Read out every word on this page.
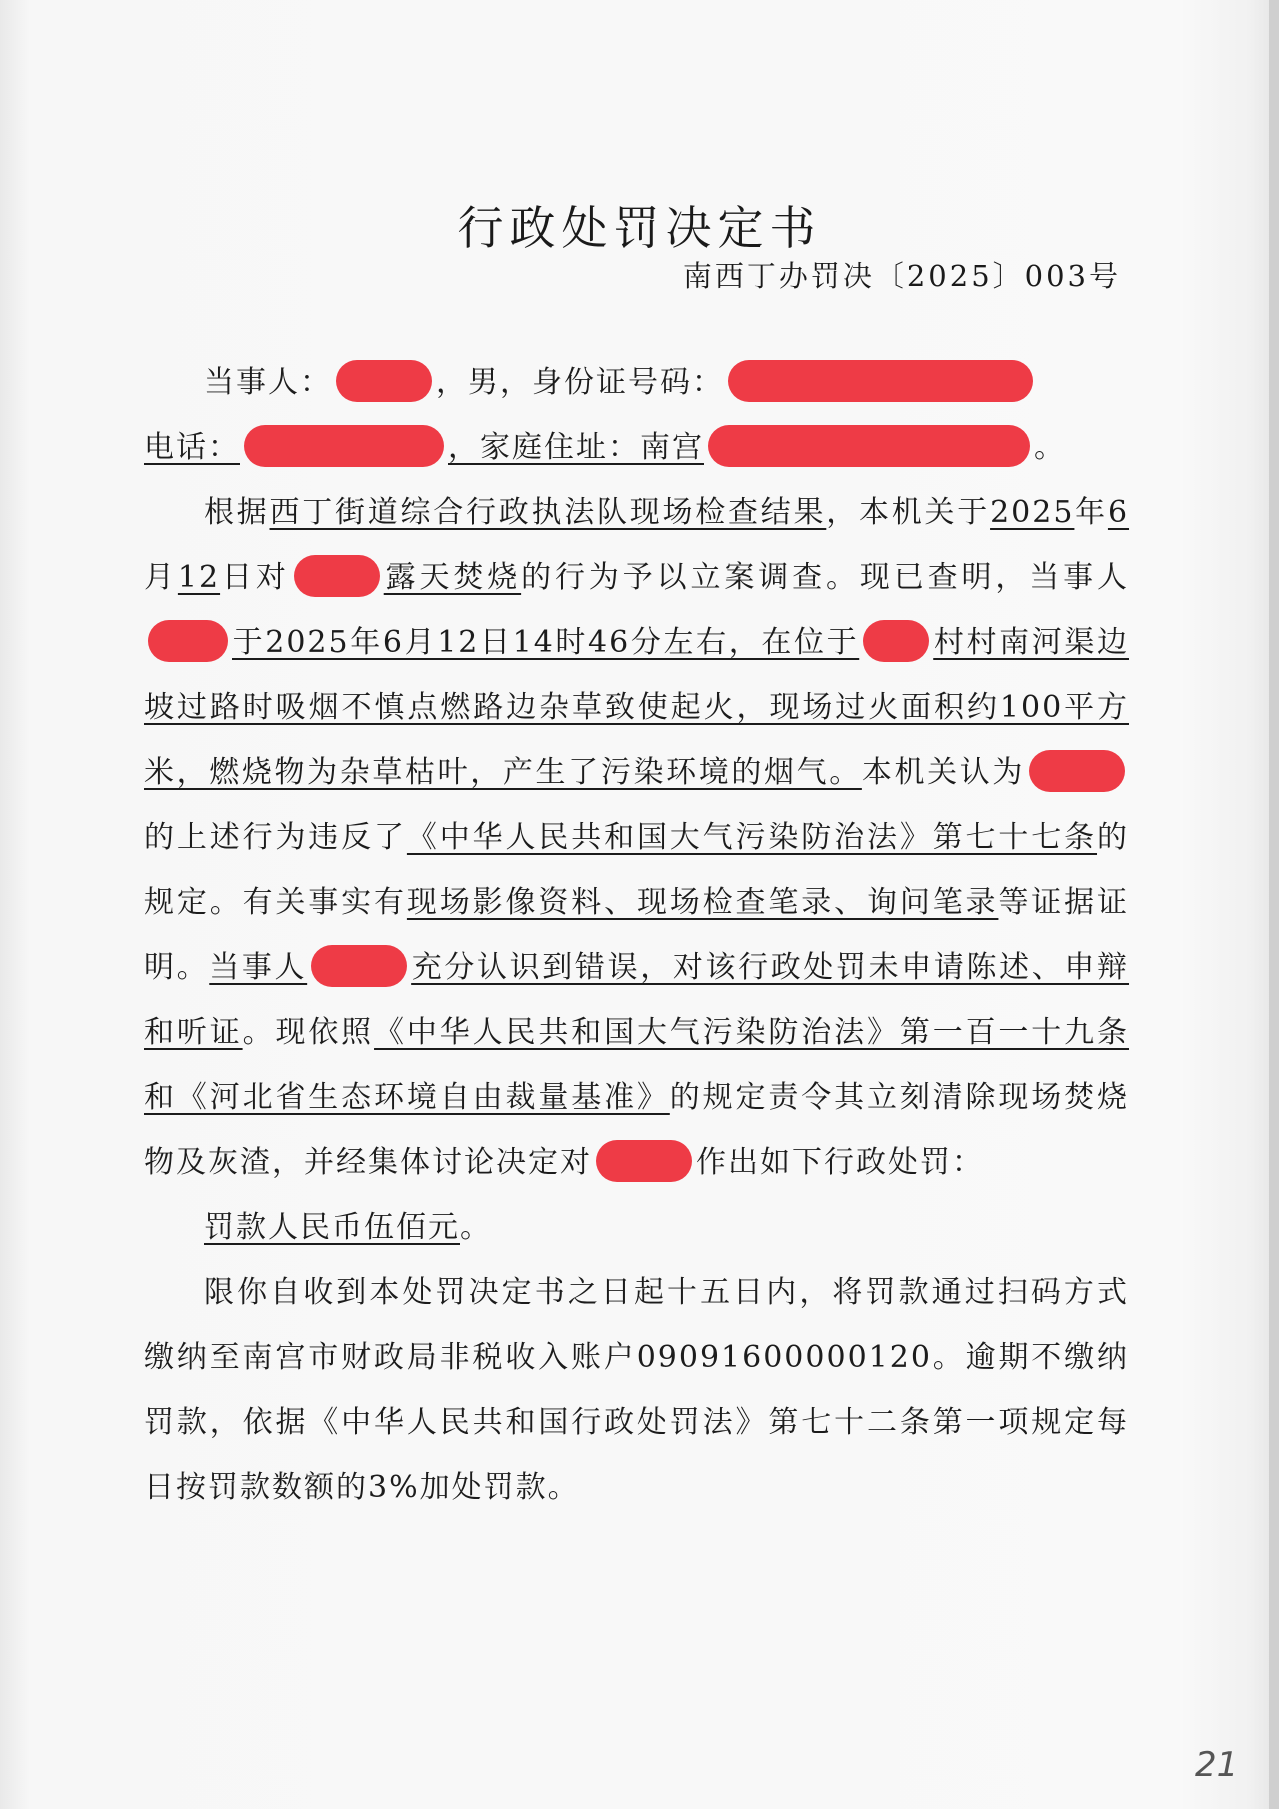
行政处罚决定书
南西丁办罚决〔2025〕003号

当事人：	，男，身份证号码：

电话：	，家庭住址：南宫	。

根据西丁街道综合行政执法队现场检查结果，本机关于2025年6月12日对	露天焚烧的行为予以立案调查。现已查明，当事人于2025年6月12日14时46分左右，在位于 村村南河渠边坡过路时吸烟不慎点燃路边杂草致使起火，现场过火面积约100平方米，燃烧物为杂草枯叶，产生了污染环境的烟气。本机关认为的上述行为违反了《中华人民共和国大气污染防治法》第七十七条的规定。有关事实有现场影像资料、现场检查笔录、询问笔录等证据证明。当事人	充分认识到错误，对该行政处罚未申请陈述、申辩和听证。现依照《中华人民共和国大气污染防治法》第一百一十九条和《河北省生态环境自由裁量基准》的规定责令其立刻清除现场焚烧物及灰渣，并经集体讨论决定对	作出如下行政处罚：

罚款人民币伍佰元。

限你自收到本处罚决定书之日起十五日内，将罚款通过扫码方式缴纳至南宫市财政局非税收入账户09091600000120。逾期不缴纳罚款，依据《中华人民共和国行政处罚法》第七十二条第一项规定每日按罚款数额的3%加处罚款。

21
